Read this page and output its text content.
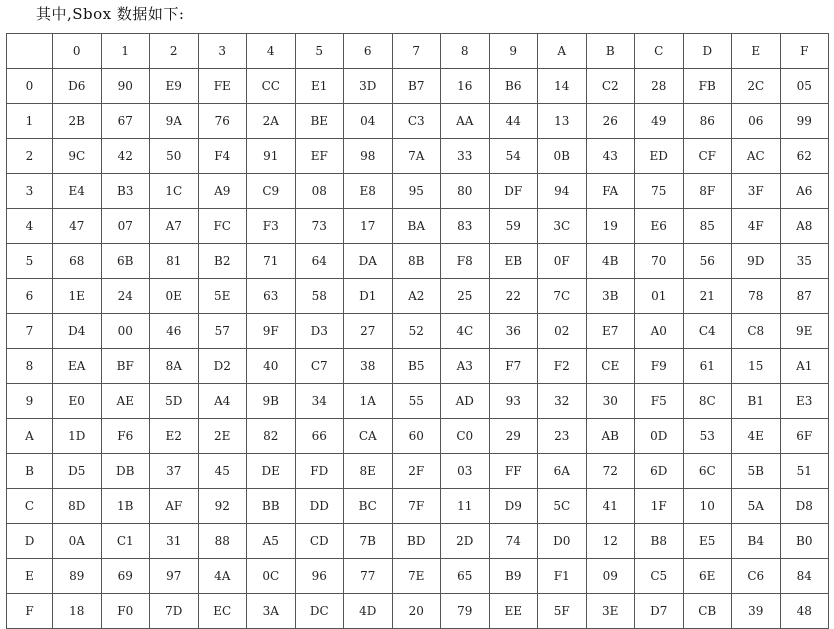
其中,Sbox 数据如下:
	0	1	2	3	4	5	6	7	8	9	A	B	C	D	E	F
0	D6	90	E9	FE	CC	E1	3D	B7	16	B6	14	C2	28	FB	2C	05
1	2B	67	9A	76	2A	BE	04	C3	AA	44	13	26	49	86	06	99
2	9C	42	50	F4	91	EF	98	7A	33	54	0B	43	ED	CF	AC	62
3	E4	B3	1C	A9	C9	08	E8	95	80	DF	94	FA	75	8F	3F	A6
4	47	07	A7	FC	F3	73	17	BA	83	59	3C	19	E6	85	4F	A8
5	68	6B	81	B2	71	64	DA	8B	F8	EB	0F	4B	70	56	9D	35
6	1E	24	0E	5E	63	58	D1	A2	25	22	7C	3B	01	21	78	87
7	D4	00	46	57	9F	D3	27	52	4C	36	02	E7	A0	C4	C8	9E
8	EA	BF	8A	D2	40	C7	38	B5	A3	F7	F2	CE	F9	61	15	A1
9	E0	AE	5D	A4	9B	34	1A	55	AD	93	32	30	F5	8C	B1	E3
A	1D	F6	E2	2E	82	66	CA	60	C0	29	23	AB	0D	53	4E	6F
B	D5	DB	37	45	DE	FD	8E	2F	03	FF	6A	72	6D	6C	5B	51
C	8D	1B	AF	92	BB	DD	BC	7F	11	D9	5C	41	1F	10	5A	D8
D	0A	C1	31	88	A5	CD	7B	BD	2D	74	D0	12	B8	E5	B4	B0
E	89	69	97	4A	0C	96	77	7E	65	B9	F1	09	C5	6E	C6	84
F	18	F0	7D	EC	3A	DC	4D	20	79	EE	5F	3E	D7	CB	39	48
